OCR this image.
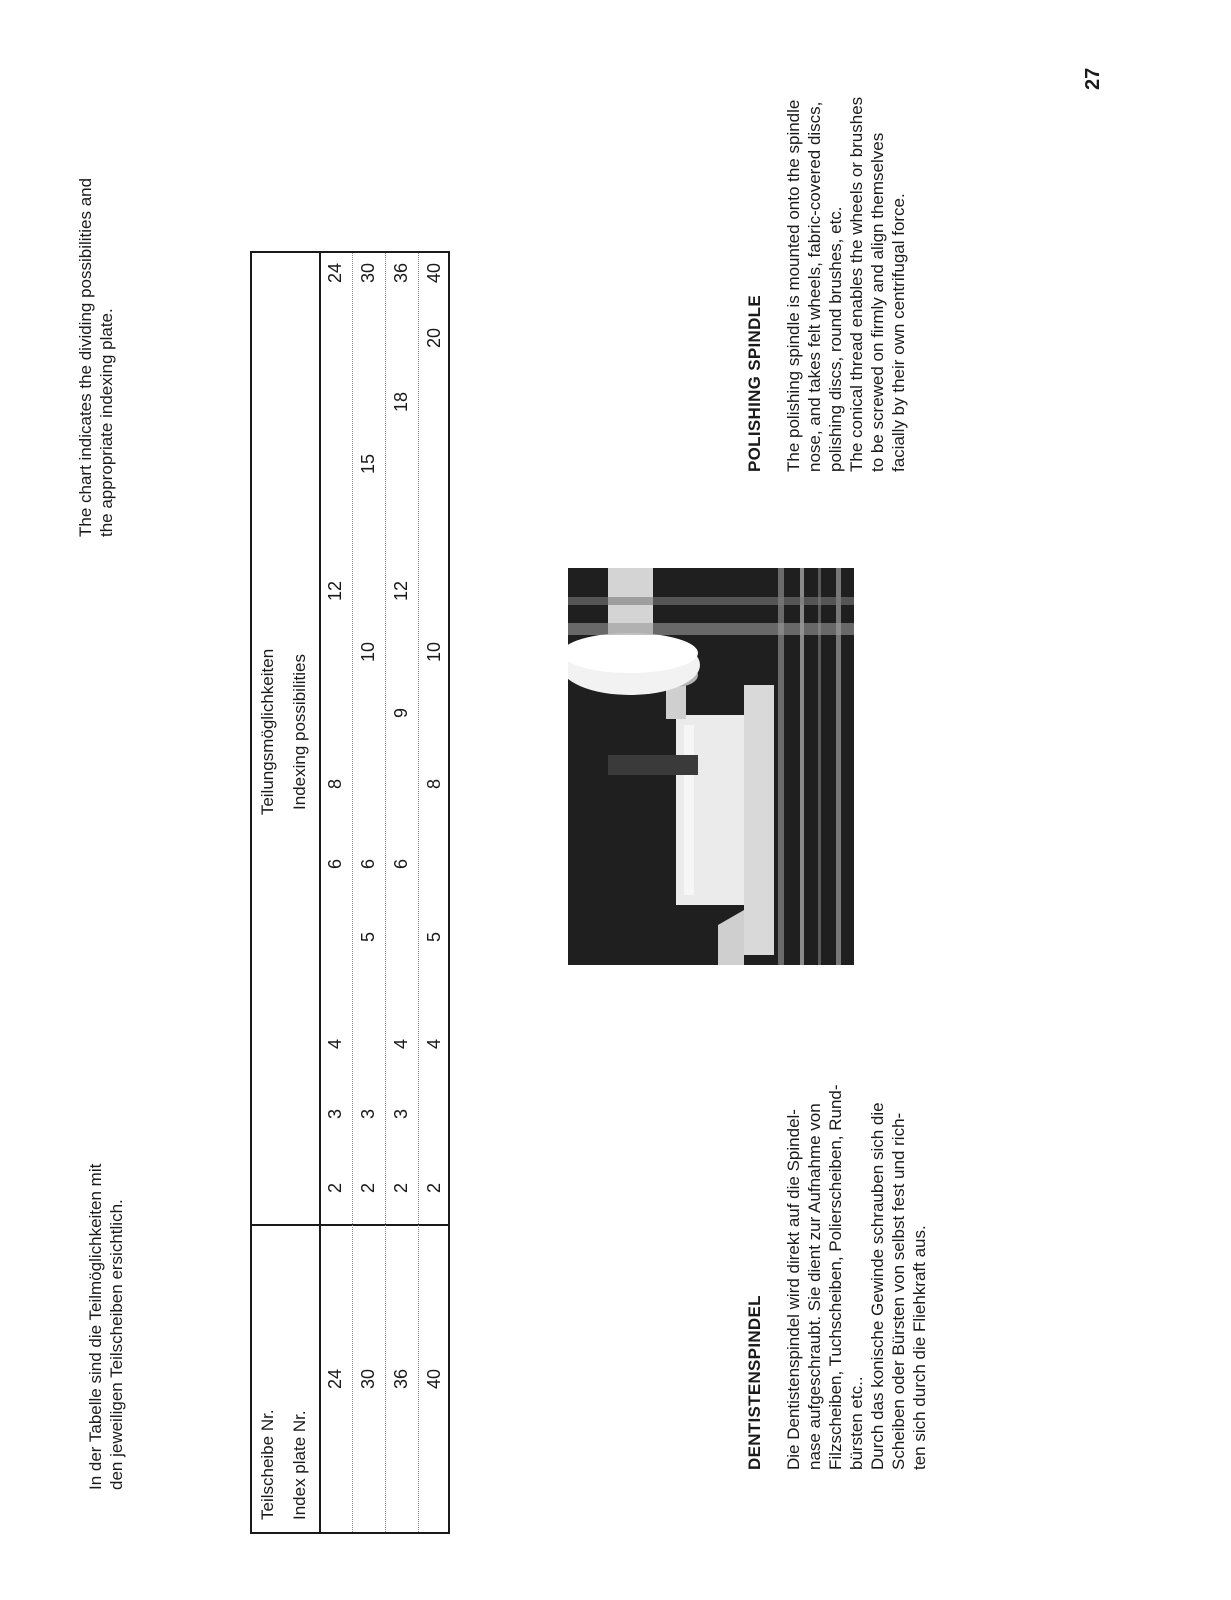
In der Tabelle sind die Teilmöglichkeiten mit den jeweiligen Teilscheiben ersichtlich.

The chart indicates the dividing possibilities and the appropriate indexing plate.

Teilscheibe Nr. Index plate Nr.
Teilungsmöglichkeiten Indexing possibilities
24
2
3
4
6
8
12
24
30
2
3
5
6
10
15
30
36
2
3
4
6
9
12
18
36
40
2
4
5
8
10
20
40

DENTISTENSPINDEL Die Dentistenspindel wird direkt auf die Spindel- nase aufgeschraubt. Sie dient zur Aufnahme von Filzscheiben, Tuchscheiben, Polierscheiben, Rund- bürsten etc.. Durch das konische Gewinde schrauben sich die Scheiben oder Bürsten von selbst fest und rich- ten sich durch die Fliehkraft aus.

POLISHING SPINDLE The polishing spindle is mounted onto the spindle nose, and takes felt wheels, fabric-covered discs, polishing discs, round brushes, etc. The conical thread enables the wheels or brushes to be screwed on firmly and align themselves facially by their own centrifugal force.

27
